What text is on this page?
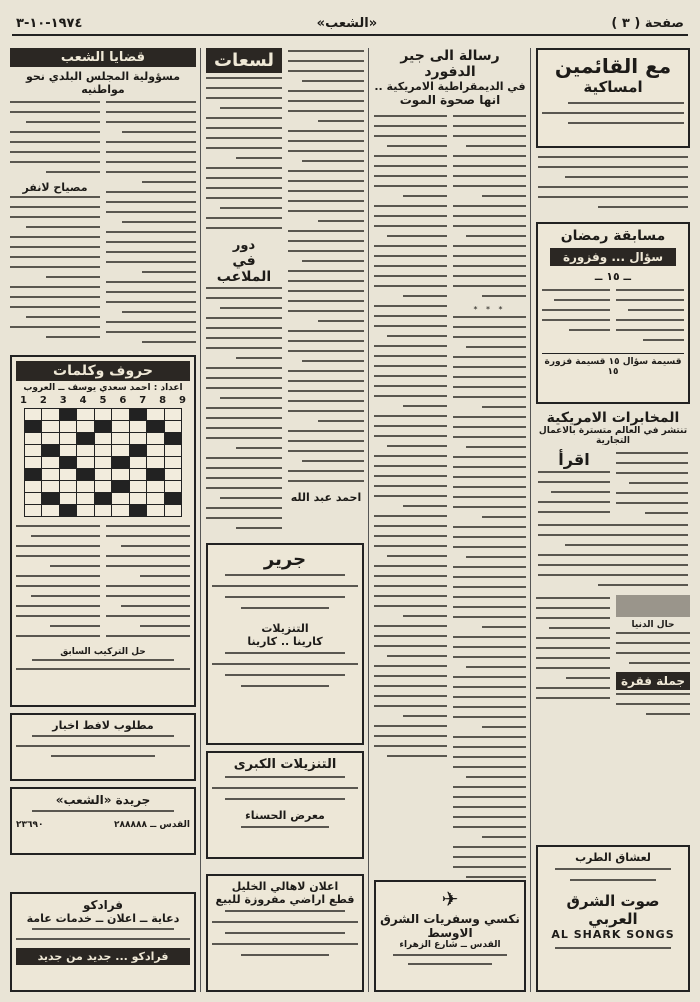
صفحة ( ٣ )
«الشعب»
١٩٧٤-١٠-٣
ﻣﻊ اﻟﻘﺎﺋﻤﻴﻦ
اﻣﺴﺎﻛﻴﺔ
ﻣﺴﺎﺑﻘﺔ رﻣﻀﺎن
ﺳﺆال ... وﻓﺰورة
ــ ١٥ ــ
ﻗﺴﻴﻤﺔ ﺳﺆال ١٥ ﻗﺴﻴﻤﺔ ﻓﺰورة ١٥
اﻟﻤﺨﺎﺑﺮات اﻻﻣﺮﻳﻜﻴﺔ
ﺗﻨﺘﺸﺮ ﻓﻲ اﻟﻌﺎﻟﻢ ﻣﺘﺴﺘﺮة ﺑﺎﻻﻋﻤﺎل اﻟﺘﺠﺎرﻳﺔ
اﻗﺮأ
ﺣﺎل اﻟﺪﻧﻴﺎ
ﺟﻤﻠﺔ ﻓﻘﺮة
ﻟﻌﺸﺎق اﻟﻄﺮب
ﺻﻮت اﻟﺸﺮق اﻟﻌﺮﺑﻲ
AL SHARK SONGS
رﺳﺎﻟﺔ اﻟﻰ ﺟﻴﺮ اﻟﺪﻓﻮرد
ﻓﻲ اﻟﺪﻳﻤﻘﺮاﻃﻴﺔ اﻻﻣﺮﻳﻜﻴﺔ ..
اﻧﻬﺎ ﺻﺤﻮة اﻟﻤﻮت
* * *
✈
ﻧﻜﺴﻲ وﺳﻔﺮﻳﺎت اﻟﺸﺮق اﻻوﺳﻂ
اﻟﻘﺪس ــ ﺷﺎرع اﻟﺰﻫﺮاء
اﺣﻤﺪ ﻋﺒﺪ اﻟﻠﻪ
ﻟﺴﻌﺎت
دور
ﻓﻲ اﻟﻤﻼﻋﺐ
ﺟﺮﻳﺮ
اﻟﺘﻨﺰﻳﻼت
ﻛﺎرﻳﻨﺎ .. ﻛﺎرﻳﻨﺎ
اﻟﺘﻨﺰﻳﻼت اﻟﻜﺒﺮى
ﻣﻌﺮض اﻟﺤﺴﻨﺎء
اﻋﻼن ﻻﻫﺎﻟﻲ اﻟﺨﻠﻴﻞ
ﻗﻄﻊ اراﺿﻲ ﻣﻔﺮوزة ﻟﻠﺒﻴﻊ
ﻗﻀﺎﻳﺎ اﻟﺸﻌﺐ
ﻣﺴﺆوﻟﻴﺔ اﻟﻤﺠﻠﺲ اﻟﺒﻠﺪي ﻧﺤﻮ ﻣﻮاﻃﻨﻴﻪ
ﻣﺼﻴﺎح ﻻﻧﻔﺮ
ﺣﺮوف وﻛﻠﻤﺎت
اﻋﺪاد : اﺣﻤﺪ ﺳﻌﺪي ﻳﻮﺳﻒ ــ اﻟﻌﺮوب
1 2 3 4 5 6 7 8 9
ﺣﻞ اﻟﺘﺮﻛﻴﺐ اﻟﺴﺎﺑﻖ
ﻣﻄﻠﻮب ﻻﻓﻂ اﺧﺒﺎر
ﺟﺮﻳﺪة «اﻟﺸﻌﺐ»
اﻟﻘﺪس ــ ٢٨٨٨٨٨
٢٣٦٩٠
ﻓﺮادﻛﻮ
دﻋﺎﻳﺔ ــ اﻋﻼن ــ ﺧﺪﻣﺎت ﻋﺎﻣﺔ
ﻓﺮادﻛﻮ ... ﺟﺪﻳﺪ ﻣﻦ ﺟﺪﻳﺪ
